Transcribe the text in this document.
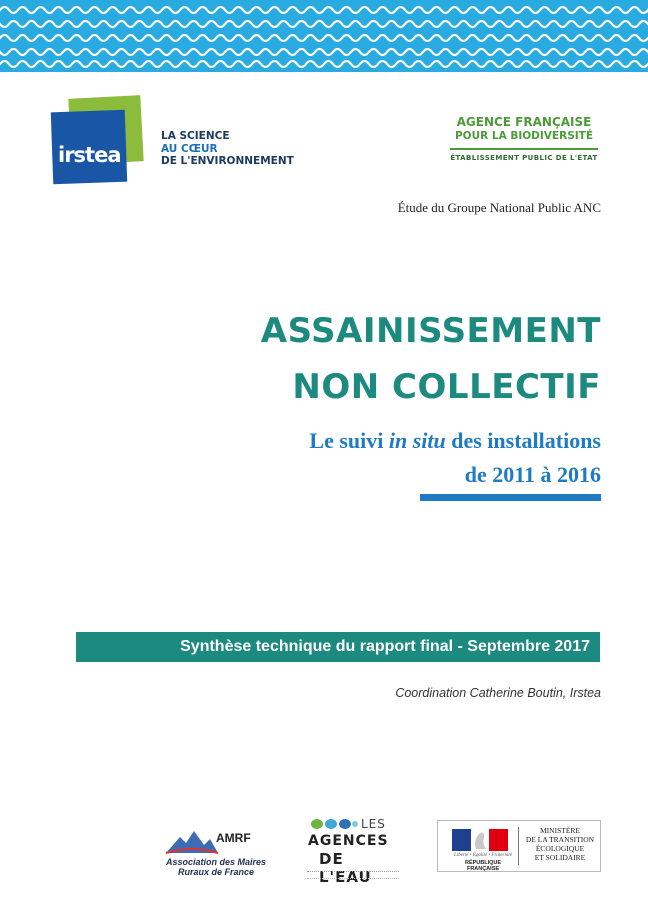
irstea
LA SCIENCE
AU CŒUR
DE L'ENVIRONNEMENT
AGENCE FRANÇAISE
POUR LA BIODIVERSITÉ
ÉTABLISSEMENT PUBLIC DE L'ÉTAT
Étude du Groupe National Public ANC
ASSAINISSEMENT
NON COLLECTIF
Le suivi in situ des installations
de 2011 à 2016
Synthèse technique du rapport final - Septembre 2017
Coordination Catherine Boutin, Irstea
AMRF
Association des Maires
Ruraux de France
LES
AGENCES
DE L'EAU
Liberté • Égalité • Fraternité
RÉPUBLIQUE FRANÇAISE
MINISTÈRE
DE LA TRANSITION
ÉCOLOGIQUE
ET SOLIDAIRE
